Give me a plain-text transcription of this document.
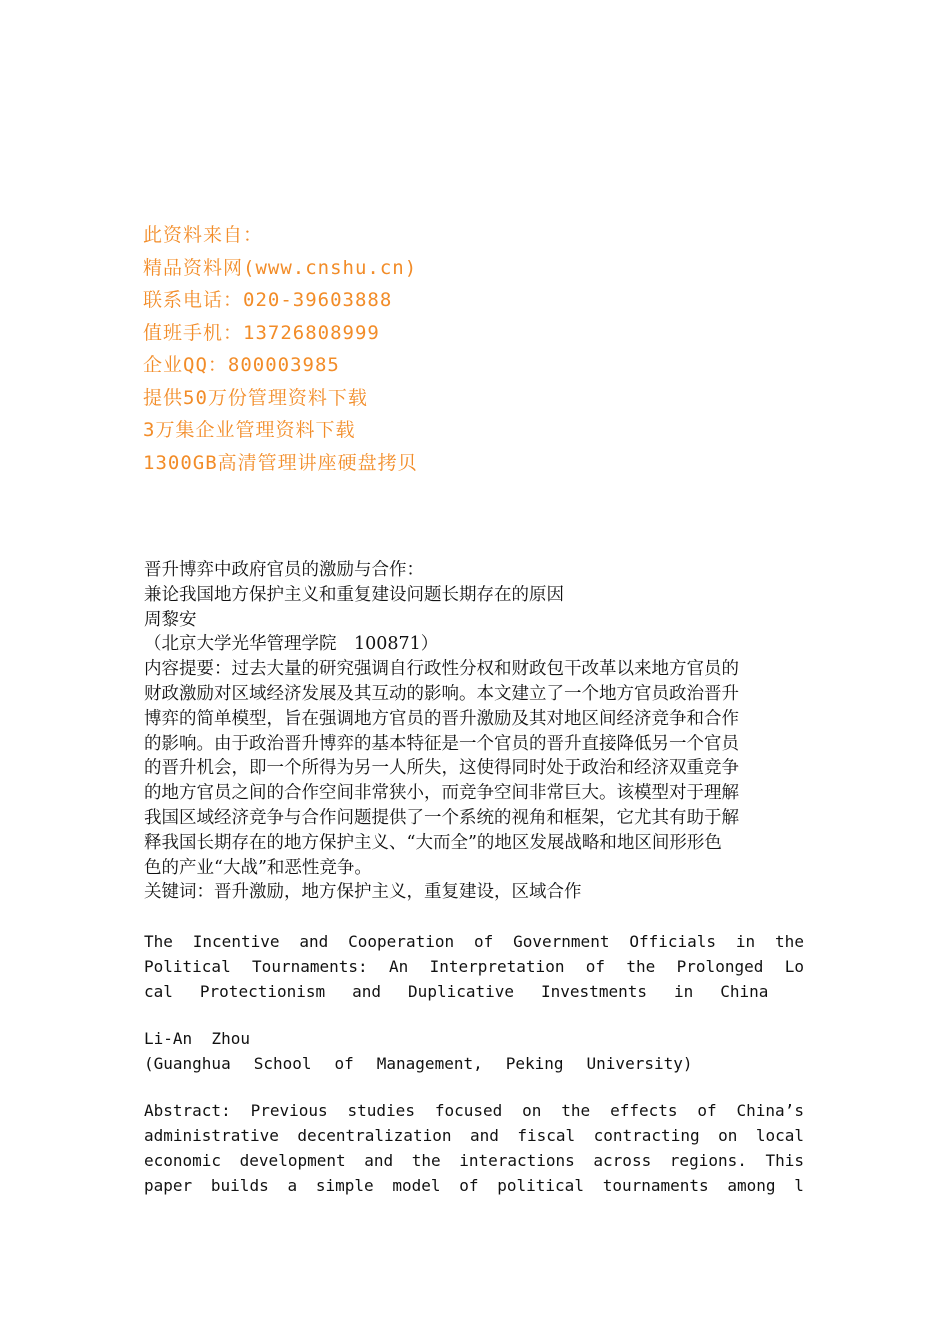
此资料来自：
精品资料网(www.cnshu.cn)
联系电话：020-39603888
值班手机：13726808999
企业QQ：800003985
提供50万份管理资料下载
3万集企业管理资料下载
1300GB高清管理讲座硬盘拷贝
晋升博弈中政府官员的激励与合作：
兼论我国地方保护主义和重复建设问题长期存在的原因
周黎安
（北京大学光华管理学院　100871）
内容提要：过去大量的研究强调自行政性分权和财政包干改革以来地方官员的
财政激励对区域经济发展及其互动的影响。本文建立了一个地方官员政治晋升
博弈的简单模型，旨在强调地方官员的晋升激励及其对地区间经济竞争和合作
的影响。由于政治晋升博弈的基本特征是一个官员的晋升直接降低另一个官员
的晋升机会，即一个所得为另一人所失，这使得同时处于政治和经济双重竞争
的地方官员之间的合作空间非常狭小，而竞争空间非常巨大。该模型对于理解
我国区域经济竞争与合作问题提供了一个系统的视角和框架，它尤其有助于解
释我国长期存在的地方保护主义、“大而全”的地区发展战略和地区间形形色
色的产业“大战”和恶性竞争。
关键词：晋升激励，地方保护主义，重复建设，区域合作
The Incentive and Cooperation of Government Officials in the
Political Tournaments: An Interpretation of the Prolonged Lo
cal Protectionism and Duplicative Investments in China
Li-An  Zhou
(Guanghua School of Management, Peking University)
Abstract: Previous studies focused on the effects of China’s
administrative decentralization and fiscal contracting on local
economic development and the interactions across regions. This
paper builds a simple model of political tournaments among l
